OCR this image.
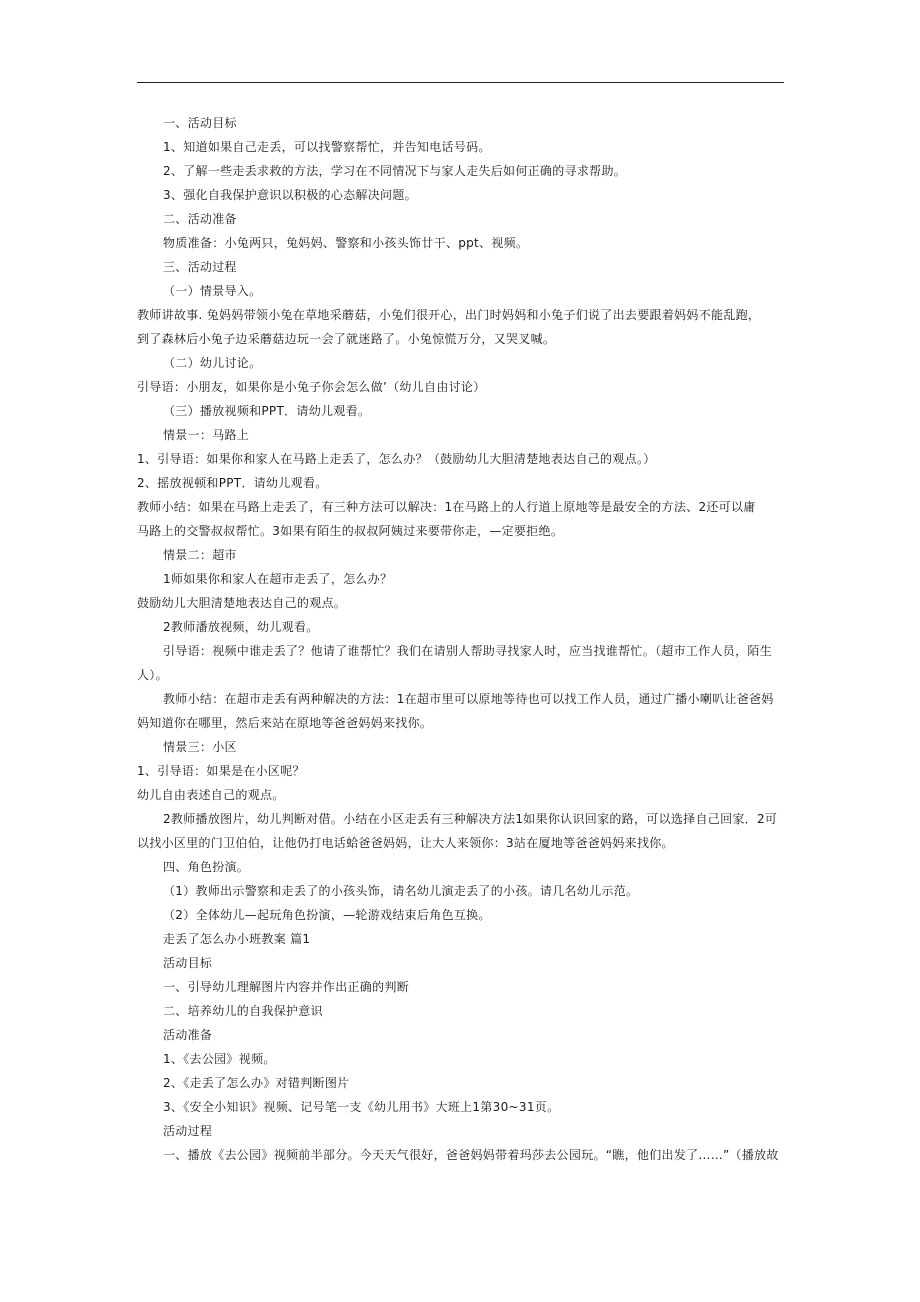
一、活动目标
1、知道如果自己走丢，可以找警察帮忙，并告知电话号码。
2、了解一些走丢求救的方法，学习在不同情况下与家人走失后如何正确的寻求帮助。
3、强化自我保护意识以积极的心态解决问题。
二、活动准备
物质准备：小兔两只，兔妈妈、警察和小孩头饰廿干、ppt、视频。
三、活动过程
（一）情景导入。
教师讲故事. 兔妈妈带领小兔在草地采蘑菇，小兔们很开心，出门时妈妈和小兔子们说了出去要跟着妈妈不能乱跑，
到了森林后小兔子边采蘑菇边玩一会了就迷路了。小兔惊慌万分，又哭叉喊。
（二）幼儿讨论。
引导语：小朋友，如果你是小兔子你会怎么做’（幼儿自由讨论）
（三）播放视频和PPT．请幼儿观看。
情景一：马路上
1、引导语：如果你和家人在马路上走丢了，怎么办？（鼓励幼儿大胆清楚地表达自己的观点。）
2、摇放视顿和PPT．请幼儿观看。
教师小结：如果在马路上走丢了，有三种方法可以解决：1在马路上的人行道上原地等是最安全的方法、2还可以庸
马路上的交警叔叔帮忙。3如果有陌生的叔叔阿姨过来要带你走，—定要拒绝。
情景二：超市
1师如果你和家人在超市走丢了，怎么办？
鼓励幼儿大胆清楚地表达自己的观点。
2教师潘放视频，幼儿观看。
引导语：视频中谁走丢了？他请了谁帮忙？我们在请别人帮助寻找家人时，应当找谁帮忙。（超市工作人员，陌生
人）。
教师小结：在超市走丢有两种解决的方法：1在超市里可以原地等待也可以找工作人员，通过广播小喇叭让爸爸妈
妈知道你在哪里，然后来站在原地等爸爸妈妈来找你。
情景三：小区
1、引导语：如果是在小区呢？
幼儿自由表述自己的观点。
2教师播放图片，幼儿判断对借。小结在小区走丢有三种解决方法1如果你认识回家的路，可以选择自己回家．2可
以找小区里的门卫伯伯，让他仍打电话蛤爸爸妈妈，让大人来领你：3站在厦地等爸爸妈妈来找你。
四、角色扮演。
（1）教师出示警察和走丢了的小孩头饰，请名幼儿演走丢了的小孩。请几名幼儿示范。
（2）全体幼儿—起玩角色扮演，—轮游戏结束后角色互换。
走丢了怎么办小班教案 篇1
活动目标
一、引导幼儿理解图片内容并作出正确的判断
二、培养幼儿的自我保护意识
活动准备
1、《去公园》视频。
2、《走丢了怎么办》对错判断图片
3、《安全小知识》视频、记号笔一支《幼儿用书》大班上1第30~31页。
活动过程
一、播放《去公园》视频前半部分。今天天气很好，爸爸妈妈带着玛莎去公园玩。“瞧，他们出发了……”（播放故
